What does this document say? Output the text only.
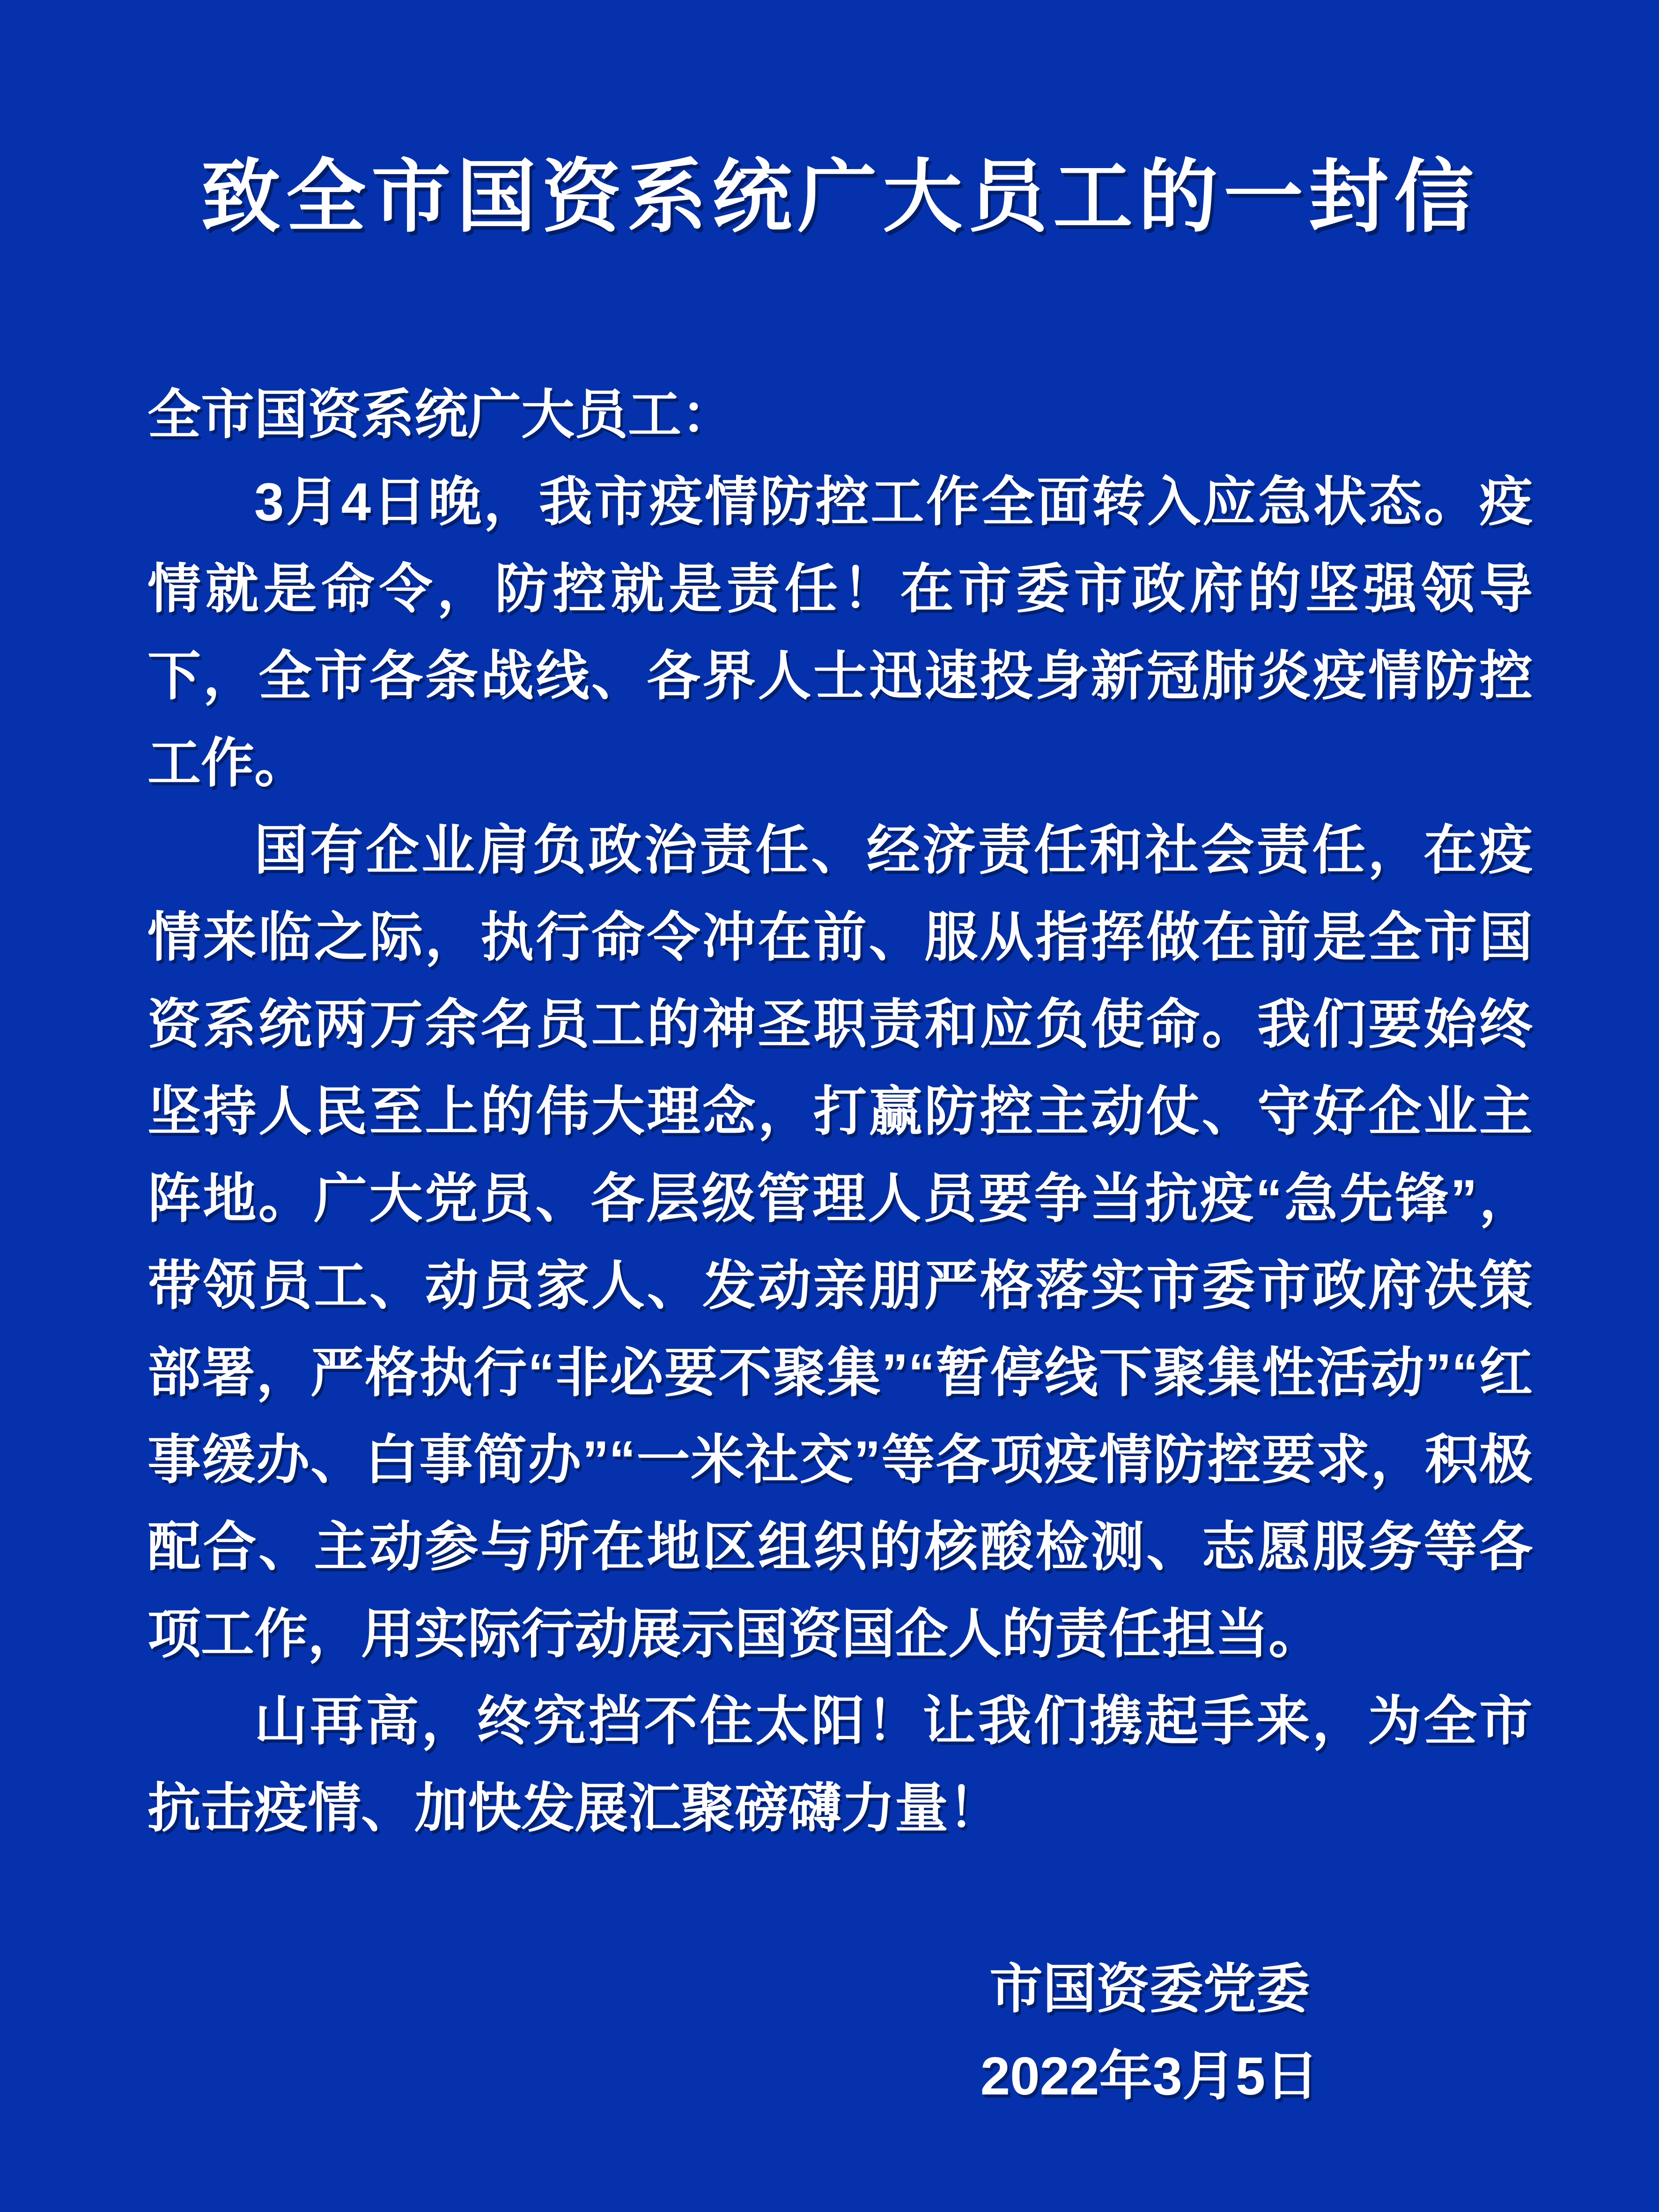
致全市国资系统广大员工的一封信
全市国资系统广大员工：

3月4日晚，我市疫情防控工作全面转入应急状态。疫情就是命令，防控就是责任！在市委市政府的坚强领导下，全市各条战线、各界人士迅速投身新冠肺炎疫情防控工作。

国有企业肩负政治责任、经济责任和社会责任，在疫情来临之际，执行命令冲在前、服从指挥做在前是全市国资系统两万余名员工的神圣职责和应负使命。我们要始终坚持人民至上的伟大理念，打赢防控主动仗、守好企业主阵地。广大党员、各层级管理人员要争当抗疫“急先锋”，带领员工、动员家人、发动亲朋严格落实市委市政府决策部署，严格执行“非必要不聚集”“暂停线下聚集性活动”“红事缓办、白事简办”“一米社交”等各项疫情防控要求，积极配合、主动参与所在地区组织的核酸检测、志愿服务等各项工作，用实际行动展示国资国企人的责任担当。

山再高，终究挡不住太阳！让我们携起手来，为全市抗击疫情、加快发展汇聚磅礴力量！

市国资委党委
2022年3月5日
